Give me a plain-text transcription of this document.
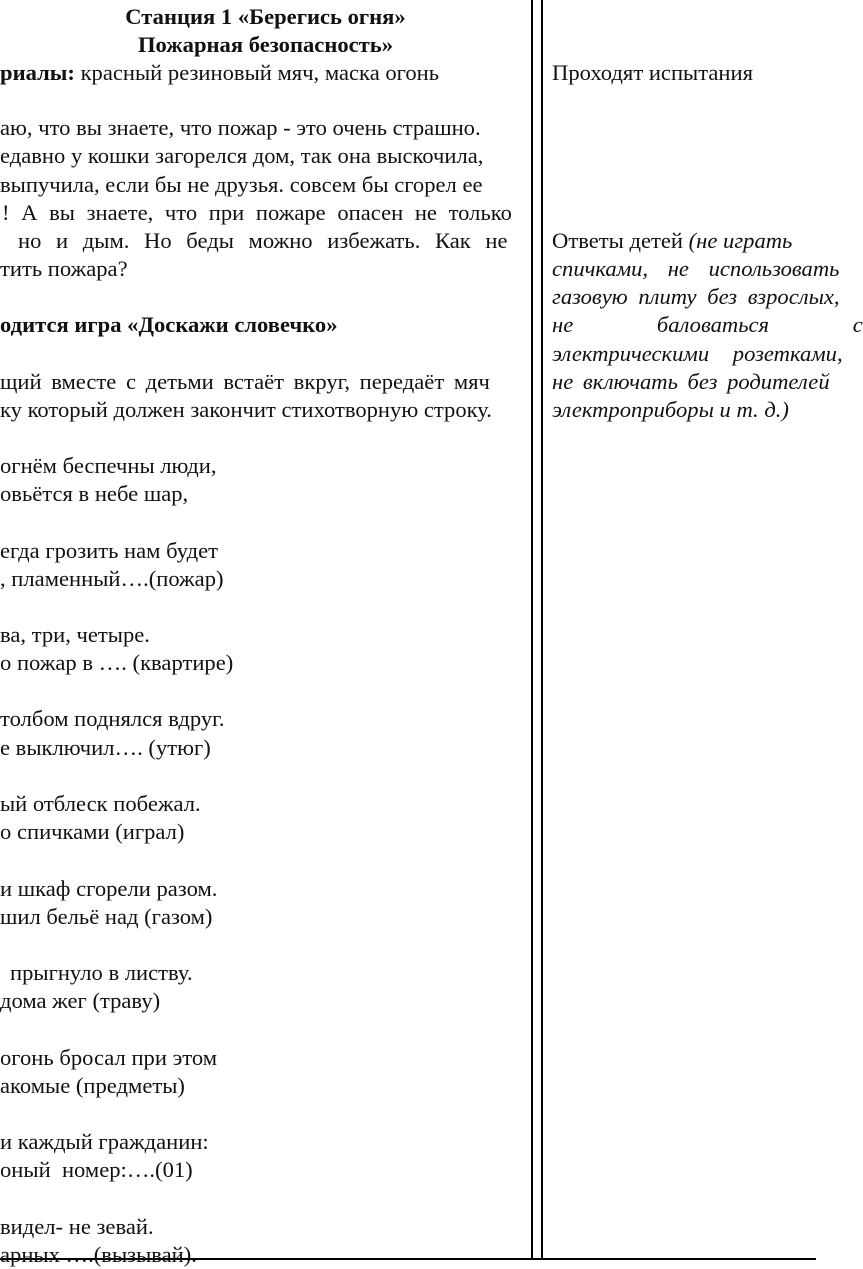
Станция 1 «Берегись огня»
Пожарная безопасность»
риалы: красный резиновый мяч, маска огонь
аю, что вы знаете, что пожар - это очень страшно.
едавно у кошки загорелся дом, так она выскочила,
выпучила, если бы не друзья. совсем бы сгорел ее
! А вы знаете, что при пожаре опасен не только
но и дым. Но беды можно избежать. Как не
тить пожара?
одится игра «Доскажи словечко»
щий вместе с детьми встаёт вкруг, передаёт мяч
ку который должен закончит стихотворную строку.
огнём беспечны люди,
овьётся в небе шар,
егда грозить нам будет
, пламенный….(пожар)
ва, три, четыре.
о пожар в …. (квартире)
толбом поднялся вдруг.
е выключил…. (утюг)
ый отблеск побежал.
о спичками (играл)
и шкаф сгорели разом.
шил бельё над (газом)
прыгнуло в листву.
дома жег (траву)
огонь бросал при этом
акомые (предметы)
и каждый гражданин:
оный  номер:….(01)
видел- не зевай.
арных ….(вызывай).
Проходят испытания
Ответы детей (не играть
спичками, не использовать
газовую плиту без взрослых,
не баловаться с
электрическими розетками,
не включать без родителей
электроприборы и т. д.)
